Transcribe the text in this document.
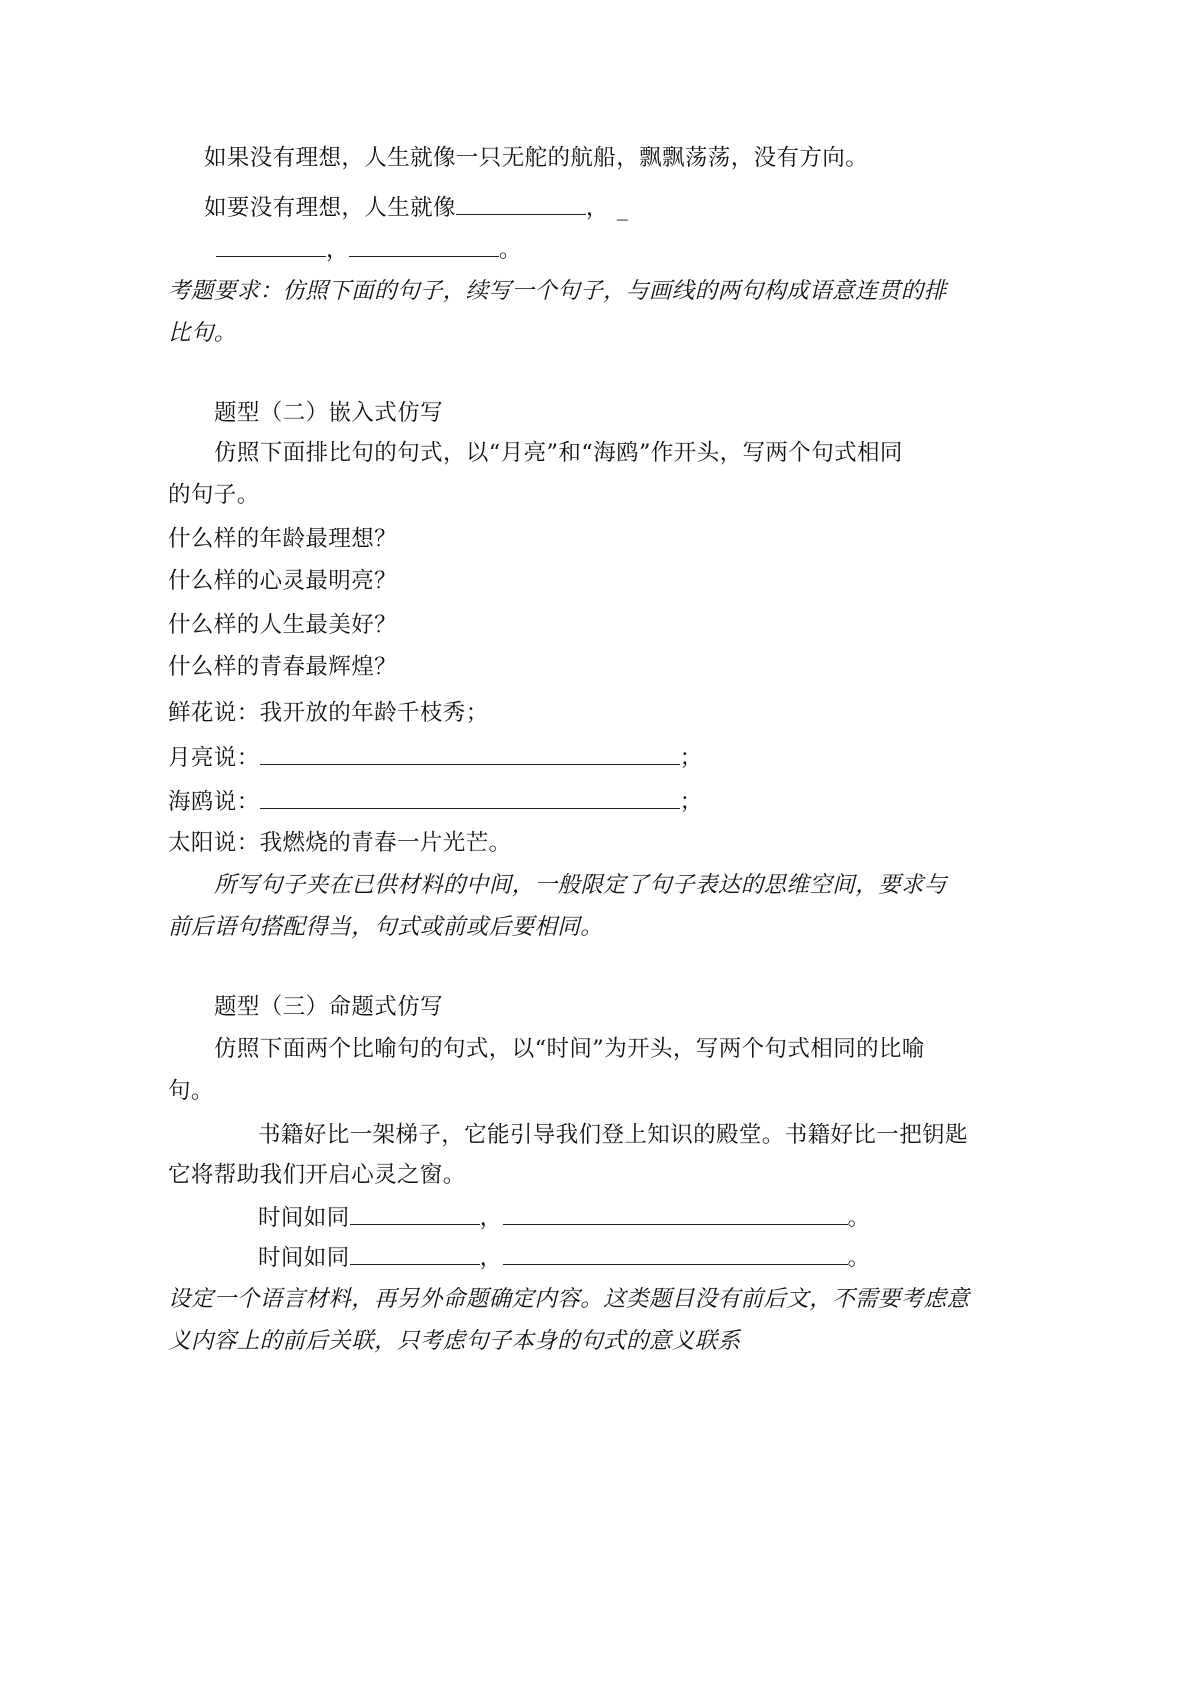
如果没有理想，人生就像一只无舵的航船，飘飘荡荡，没有方向。
如要没有理想，人生就像	， _
，	。
考题要求：仿照下面的句子，续写一个句子，与画线的两句构成语意连贯的排
比句。
题型（二）嵌入式仿写
仿照下面排比句的句式，以“月亮”和“海鸥”作开头，写两个句式相同
的句子。
什么样的年龄最理想？
什么样的心灵最明亮？
什么样的人生最美好？
什么样的青春最辉煌？
鲜花说：我开放的年龄千枝秀；
月亮说：	；
海鸥说：	；
太阳说：我燃烧的青春一片光芒。
所写句子夹在已供材料的中间，一般限定了句子表达的思维空间，要求与
前后语句搭配得当，句式或前或后要相同。
题型（三）命题式仿写
仿照下面两个比喻句的句式，以“时间”为开头，写两个句式相同的比喻
句。
书籍好比一架梯子，它能引导我们登上知识的殿堂。书籍好比一把钥匙
它将帮助我们开启心灵之窗。
时间如同	，	。
时间如同	，	。
设定一个语言材料，再另外命题确定内容。这类题目没有前后文，不需要考虑意
义内容上的前后关联，只考虑句子本身的句式的意义联系
